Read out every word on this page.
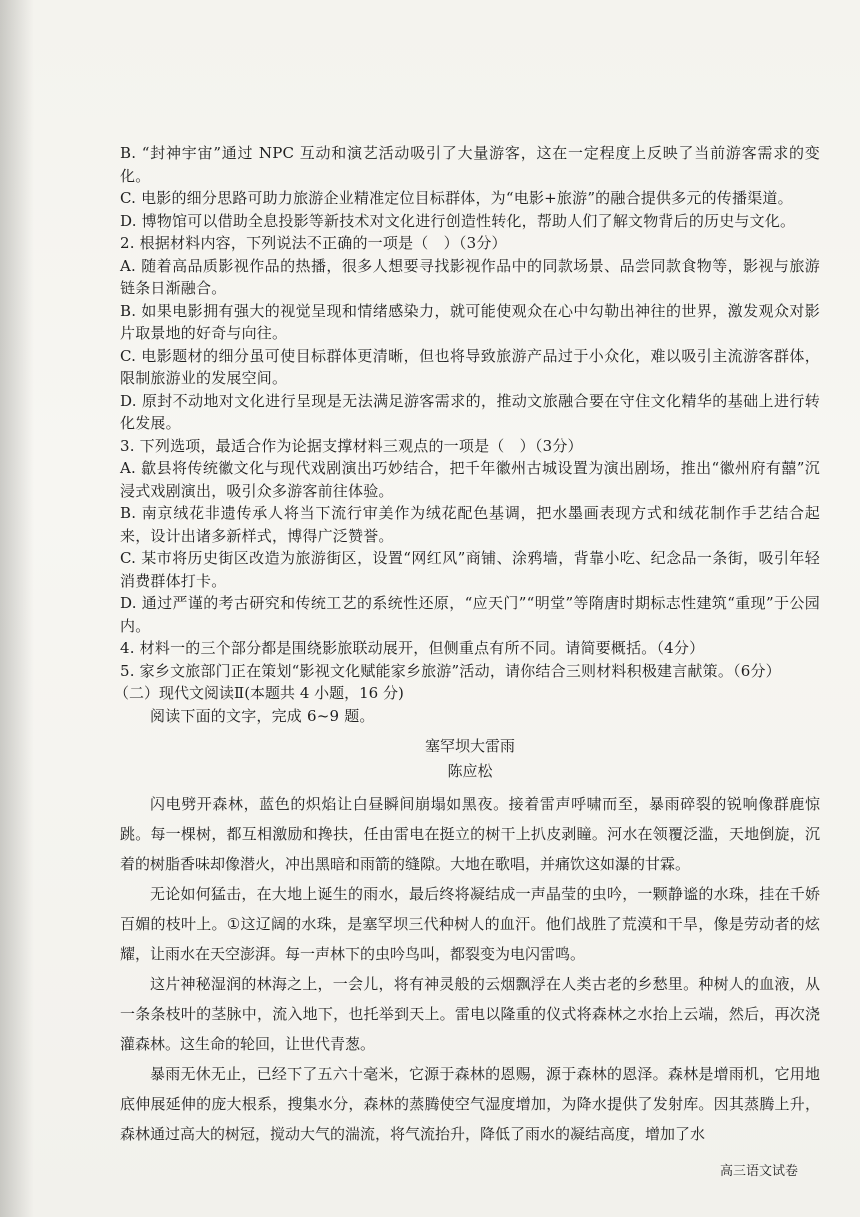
B. “封神宇宙”通过 NPC 互动和演艺活动吸引了大量游客，这在一定程度上反映了当前游客需求的变化。

C. 电影的细分思路可助力旅游企业精准定位目标群体，为“电影+旅游”的融合提供多元的传播渠道。

D. 博物馆可以借助全息投影等新技术对文化进行创造性转化，帮助人们了解文物背后的历史与文化。

2. 根据材料内容，下列说法不正确的一项是（　）（3分）

A. 随着高品质影视作品的热播，很多人想要寻找影视作品中的同款场景、品尝同款食物等，影视与旅游链条日渐融合。

B. 如果电影拥有强大的视觉呈现和情绪感染力，就可能使观众在心中勾勒出神往的世界，激发观众对影片取景地的好奇与向往。

C. 电影题材的细分虽可使目标群体更清晰，但也将导致旅游产品过于小众化，难以吸引主流游客群体，限制旅游业的发展空间。

D. 原封不动地对文化进行呈现是无法满足游客需求的，推动文旅融合要在守住文化精华的基础上进行转化发展。

3. 下列选项，最适合作为论据支撑材料三观点的一项是（　）（3分）

A. 歙县将传统徽文化与现代戏剧演出巧妙结合，把千年徽州古城设置为演出剧场，推出“徽州府有囍”沉浸式戏剧演出，吸引众多游客前往体验。

B. 南京绒花非遗传承人将当下流行审美作为绒花配色基调，把水墨画表现方式和绒花制作手艺结合起来，设计出诸多新样式，博得广泛赞誉。

C. 某市将历史街区改造为旅游街区，设置“网红风”商铺、涂鸦墙，背靠小吃、纪念品一条街，吸引年轻消费群体打卡。

D. 通过严谨的考古研究和传统工艺的系统性还原，“应天门”“明堂”等隋唐时期标志性建筑“重现”于公园内。

4. 材料一的三个部分都是围绕影旅联动展开，但侧重点有所不同。请简要概括。（4分）

5. 家乡文旅部门正在策划“影视文化赋能家乡旅游”活动，请你结合三则材料积极建言献策。（6分）

（二）现代文阅读Ⅱ(本题共 4 小题，16 分)

阅读下面的文字，完成 6~9 题。

塞罕坝大雷雨

陈应松

闪电劈开森林，蓝色的炽焰让白昼瞬间崩塌如黑夜。接着雷声呼啸而至，暴雨碎裂的锐响像群鹿惊跳。每一棵树，都互相激励和搀扶，任由雷电在挺立的树干上扒皮剥瞳。河水在领覆泛滥，天地倒旋，沉着的树脂香味却像潜火，冲出黑暗和雨箭的缝隙。大地在歌唱，并痛饮这如瀑的甘霖。

无论如何猛击，在大地上诞生的雨水，最后终将凝结成一声晶莹的虫吟，一颗静谧的水珠，挂在千娇百媚的枝叶上。①这辽阔的水珠，是塞罕坝三代种树人的血汗。他们战胜了荒漠和干旱，像是劳动者的炫耀，让雨水在天空澎湃。每一声林下的虫吟鸟叫，都裂变为电闪雷鸣。

这片神秘湿润的林海之上，一会儿，将有神灵般的云烟飘浮在人类古老的乡愁里。种树人的血液，从一条条枝叶的茎脉中，流入地下，也托举到天上。雷电以隆重的仪式将森林之水抬上云端，然后，再次浇灌森林。这生命的轮回，让世代青葱。

暴雨无休无止，已经下了五六十毫米，它源于森林的恩赐，源于森林的恩泽。森林是增雨机，它用地底伸展延伸的庞大根系，搜集水分，森林的蒸腾使空气湿度增加，为降水提供了发射库。因其蒸腾上升，森林通过高大的树冠，搅动大气的湍流，将气流抬升，降低了雨水的凝结高度，增加了水

高三语文试卷
